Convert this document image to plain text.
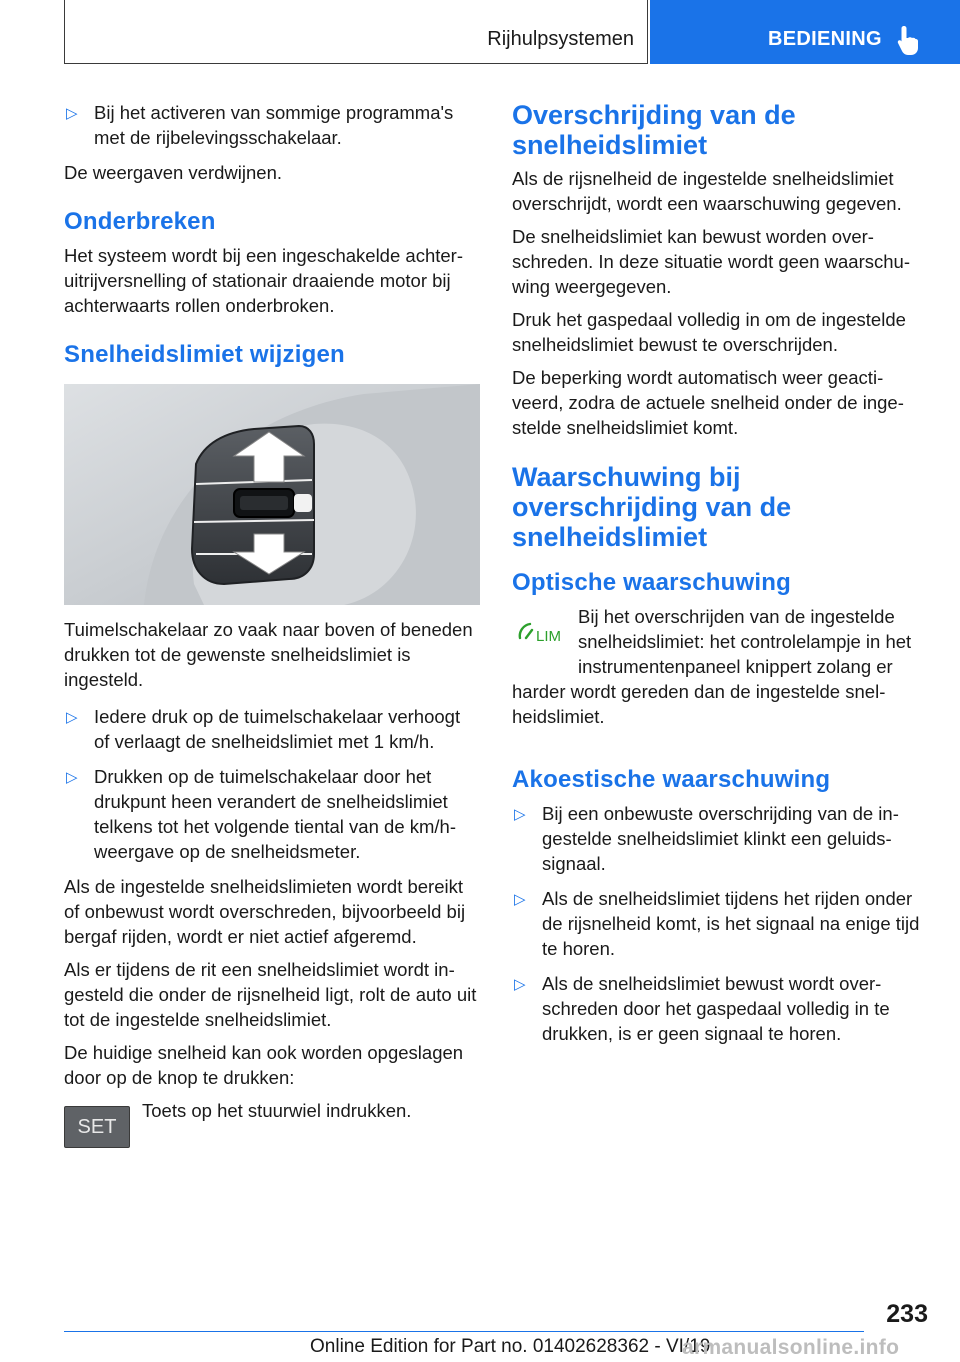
Rijhulpsystemen	BEDIENING
▷ Bij het activeren van sommige programma's met de rijbelevingsschakelaar.

De weergaven verdwijnen.

Onderbreken

Het systeem wordt bij een ingeschakelde achteruitrijversnelling of stationair draaiende motor bij achterwaarts rollen onderbroken.

Snelheidslimiet wijzigen

Tuimelschakelaar zo vaak naar boven of beneden drukken tot de gewenste snelheidslimiet is ingesteld.

▷ Iedere druk op de tuimelschakelaar verhoogt of verlaagt de snelheidslimiet met 1 km/h.
▷ Drukken op de tuimelschakelaar door het drukpunt heen verandert de snelheidslimiet telkens tot het volgende tiental van de km/h-weergave op de snelheidsmeter.

Als de ingestelde snelheidslimieten wordt bereikt of onbewust wordt overschreden, bijvoorbeeld bij bergaf rijden, wordt er niet actief afgeremd.

Als er tijdens de rit een snelheidslimiet wordt ingesteld die onder de rijsnelheid ligt, rolt de auto uit tot de ingestelde snelheidslimiet.

De huidige snelheid kan ook worden opgeslagen door op de knop te drukken:

SET

Toets op het stuurwiel indrukken.

Overschrijding van de snelheidslimiet

Als de rijsnelheid de ingestelde snelheidslimiet overschrijdt, wordt een waarschuwing gegeven.

De snelheidslimiet kan bewust worden overschreden. In deze situatie wordt geen waarschuwing weergegeven.

Druk het gaspedaal volledig in om de ingestelde snelheidslimiet bewust te overschrijden.

De beperking wordt automatisch weer geactiveerd, zodra de actuele snelheid onder de ingestelde snelheidslimiet komt.

Waarschuwing bij overschrijding van de snelheidslimiet
Optische waarschuwing
LIM

Bij het overschrijden van de ingestelde snelheidslimiet: het controlelampje in het instrumentenpaneel knippert zolang er

harder wordt gereden dan de ingestelde snelheidslimiet.

Akoestische waarschuwing
▷ Bij een onbewuste overschrijding van de ingestelde snelheidslimiet klinkt een geluidssignaal.
▷ Als de snelheidslimiet tijdens het rijden onder de rijsnelheid komt, is het signaal na enige tijd te horen.
▷ Als de snelheidslimiet bewust wordt overschreden door het gaspedaal volledig in te drukken, is er geen signaal te horen.
233
Online Edition for Part no. 01402628362 - VI/19
armanualsonline.info
